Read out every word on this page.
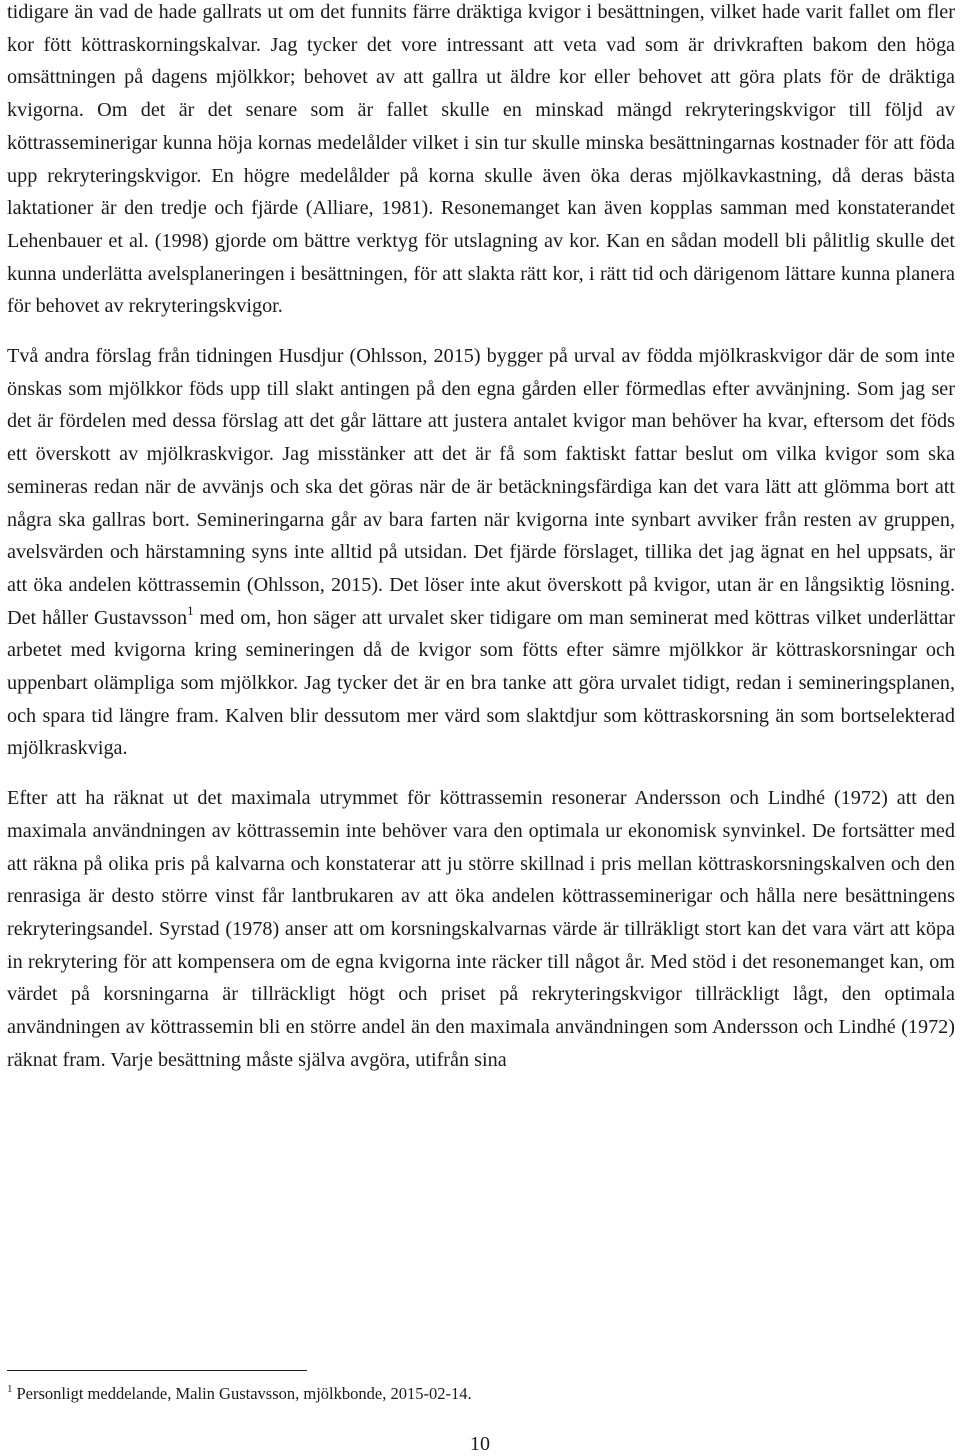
tidigare än vad de hade gallrats ut om det funnits färre dräktiga kvigor i besättningen, vilket hade varit fallet om fler kor fött köttraskorningskalvar. Jag tycker det vore intressant att veta vad som är drivkraften bakom den höga omsättningen på dagens mjölkkor; behovet av att gallra ut äldre kor eller behovet att göra plats för de dräktiga kvigorna. Om det är det senare som är fallet skulle en minskad mängd rekryteringskvigor till följd av köttrasseminerigar kunna höja kornas medelålder vilket i sin tur skulle minska besättningarnas kostnader för att föda upp rekryteringskvigor. En högre medelålder på korna skulle även öka deras mjölkavkastning, då deras bästa laktationer är den tredje och fjärde (Alliare, 1981). Resonemanget kan även kopplas samman med konstaterandet Lehenbauer et al. (1998) gjorde om bättre verktyg för utslagning av kor. Kan en sådan modell bli pålitlig skulle det kunna underlätta avelsplaneringen i besättningen, för att slakta rätt kor, i rätt tid och därigenom lättare kunna planera för behovet av rekryteringskvigor.

Två andra förslag från tidningen Husdjur (Ohlsson, 2015) bygger på urval av födda mjölkraskvigor där de som inte önskas som mjölkkor föds upp till slakt antingen på den egna gården eller förmedlas efter avvänjning. Som jag ser det är fördelen med dessa förslag att det går lättare att justera antalet kvigor man behöver ha kvar, eftersom det föds ett överskott av mjölkraskvigor. Jag misstänker att det är få som faktiskt fattar beslut om vilka kvigor som ska semineras redan när de avvänjs och ska det göras när de är betäckningsfärdiga kan det vara lätt att glömma bort att några ska gallras bort. Semineringarna går av bara farten när kvigorna inte synbart avviker från resten av gruppen, avelsvärden och härstamning syns inte alltid på utsidan. Det fjärde förslaget, tillika det jag ägnat en hel uppsats, är att öka andelen köttrassemin (Ohlsson, 2015). Det löser inte akut överskott på kvigor, utan är en långsiktig lösning. Det håller Gustavsson$^1$ med om, hon säger att urvalet sker tidigare om man seminerat med köttras vilket underlättar arbetet med kvigorna kring semineringen då de kvigor som fötts efter sämre mjölkkor är köttraskorsningar och uppenbart olämpliga som mjölkkor. Jag tycker det är en bra tanke att göra urvalet tidigt, redan i semineringsplanen, och spara tid längre fram. Kalven blir dessutom mer värd som slaktdjur som köttraskorsning än som bortselekterad mjölkraskviga.

Efter att ha räknat ut det maximala utrymmet för köttrassemin resonerar Andersson och Lindhé (1972) att den maximala användningen av köttrassemin inte behöver vara den optimala ur ekonomisk synvinkel. De fortsätter med att räkna på olika pris på kalvarna och konstaterar att ju större skillnad i pris mellan köttraskorsningskalven och den renrasiga är desto större vinst får lantbrukaren av att öka andelen köttrasseminerigar och hålla nere besättningens rekryteringsandel. Syrstad (1978) anser att om korsningskalvarnas värde är tillräkligt stort kan det vara värt att köpa in rekrytering för att kompensera om de egna kvigorna inte räcker till något år. Med stöd i det resonemanget kan, om värdet på korsningarna är tillräckligt högt och priset på rekryteringskvigor tillräckligt lågt, den optimala användningen av köttrassemin bli en större andel än den maximala användningen som Andersson och Lindhé (1972) räknat fram. Varje besättning måste själva avgöra, utifrån sina

$^1$ Personligt meddelande, Malin Gustavsson, mjölkbonde, 2015-02-14.
10
